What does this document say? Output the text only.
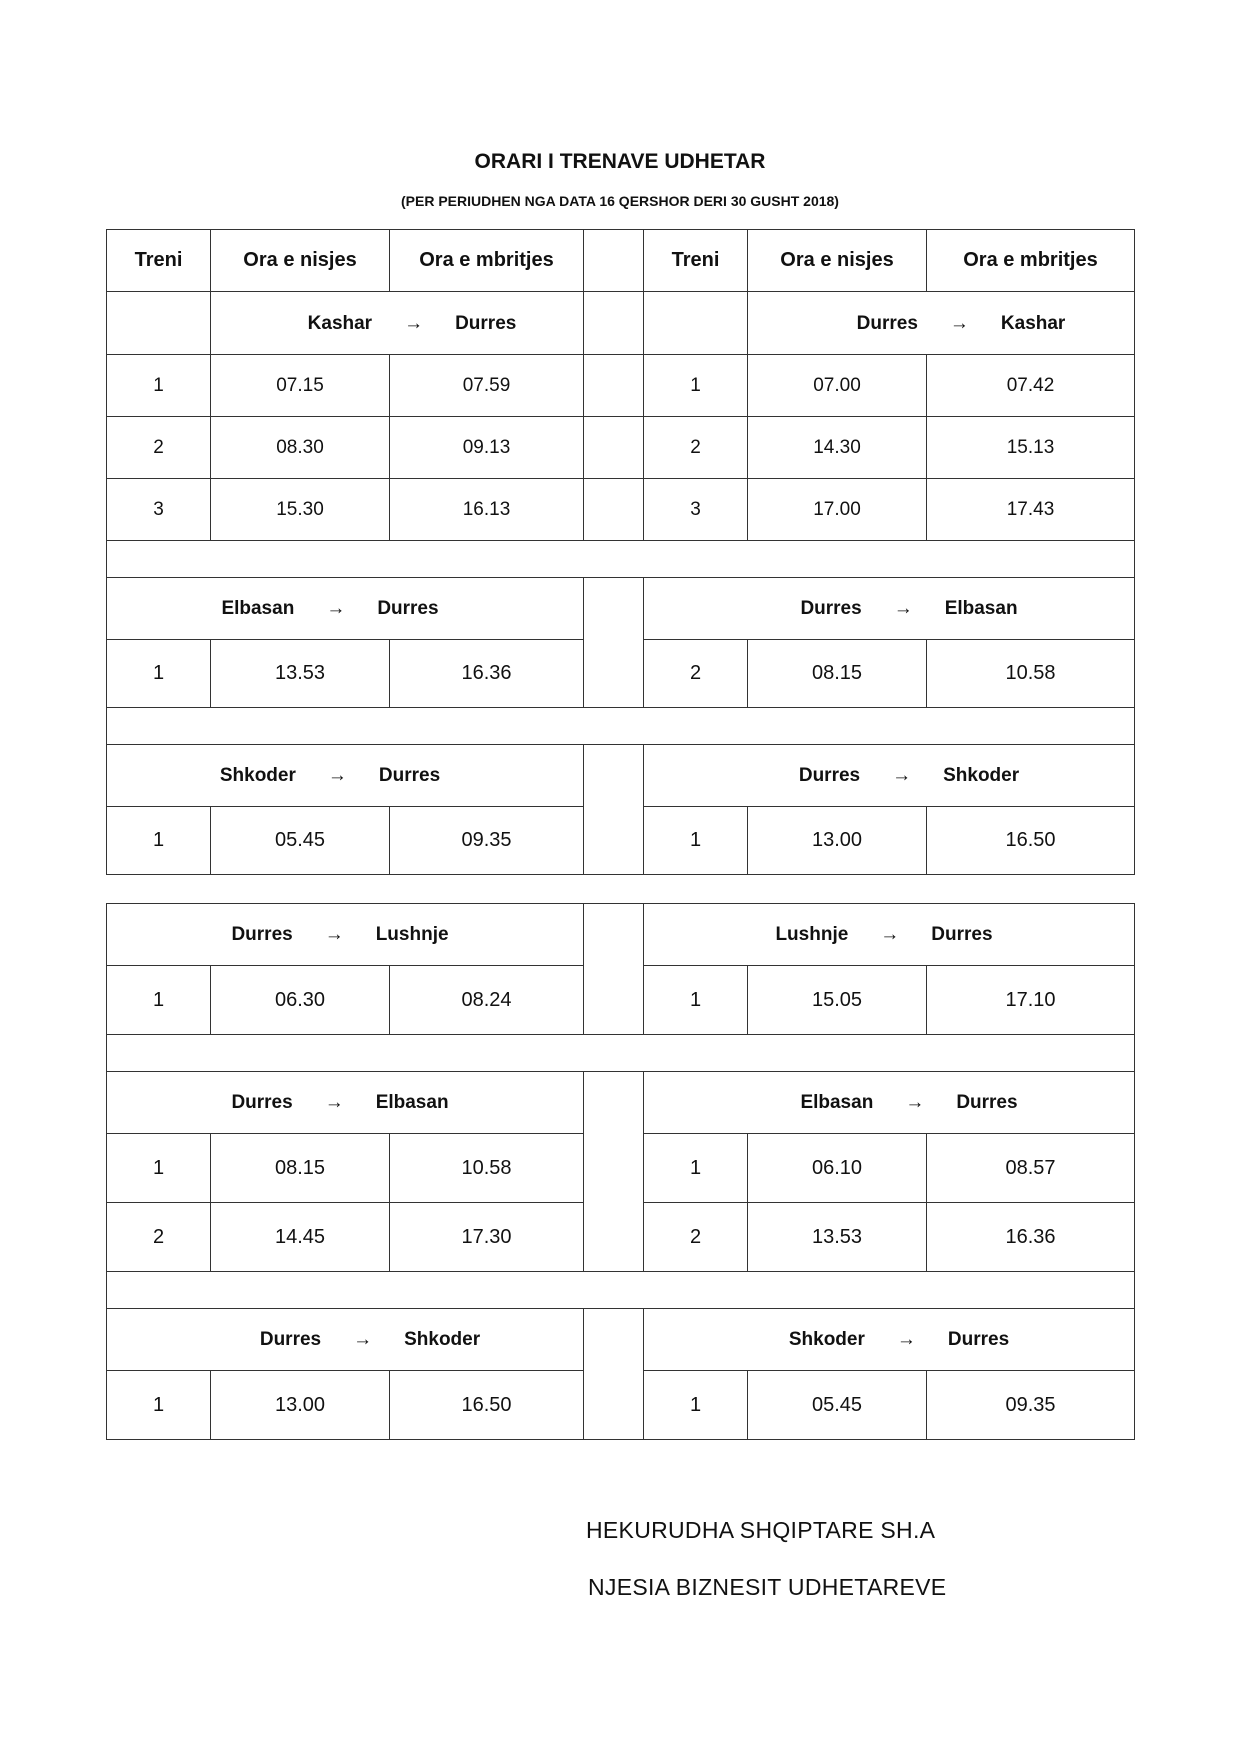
ORARI I TRENAVE UDHETAR
(PER PERIUDHEN NGA DATA 16 QERSHOR DERI 30 GUSHT 2018)
Treni	Ora e nisjes	Ora e mbritjes		Treni	Ora e nisjes	Ora e mbritjes
	Kashar → Durres				Durres → Kashar	
1	07.15	07.59		1	07.00	07.42
2	08.30	09.13		2	14.30	15.13
3	15.30	16.13		3	17.00	17.43

Elbasan → Durres				Durres → Elbasan		
1	13.53	16.36		2	08.15	10.58

Shkoder → Durres				Durres → Shkoder		
1	05.45	09.35		1	13.00	16.50
Durres → Lushnje				Lushnje → Durres		
1	06.30	08.24		1	15.05	17.10

Durres → Elbasan				Elbasan → Durres		
1	08.15	10.58		1	06.10	08.57
2	14.45	17.30		2	13.53	16.36

Durres → Shkoder				Shkoder → Durres		
1	13.00	16.50		1	05.45	09.35
HEKURUDHA SHQIPTARE SH.A
NJESIA BIZNESIT UDHETAREVE
